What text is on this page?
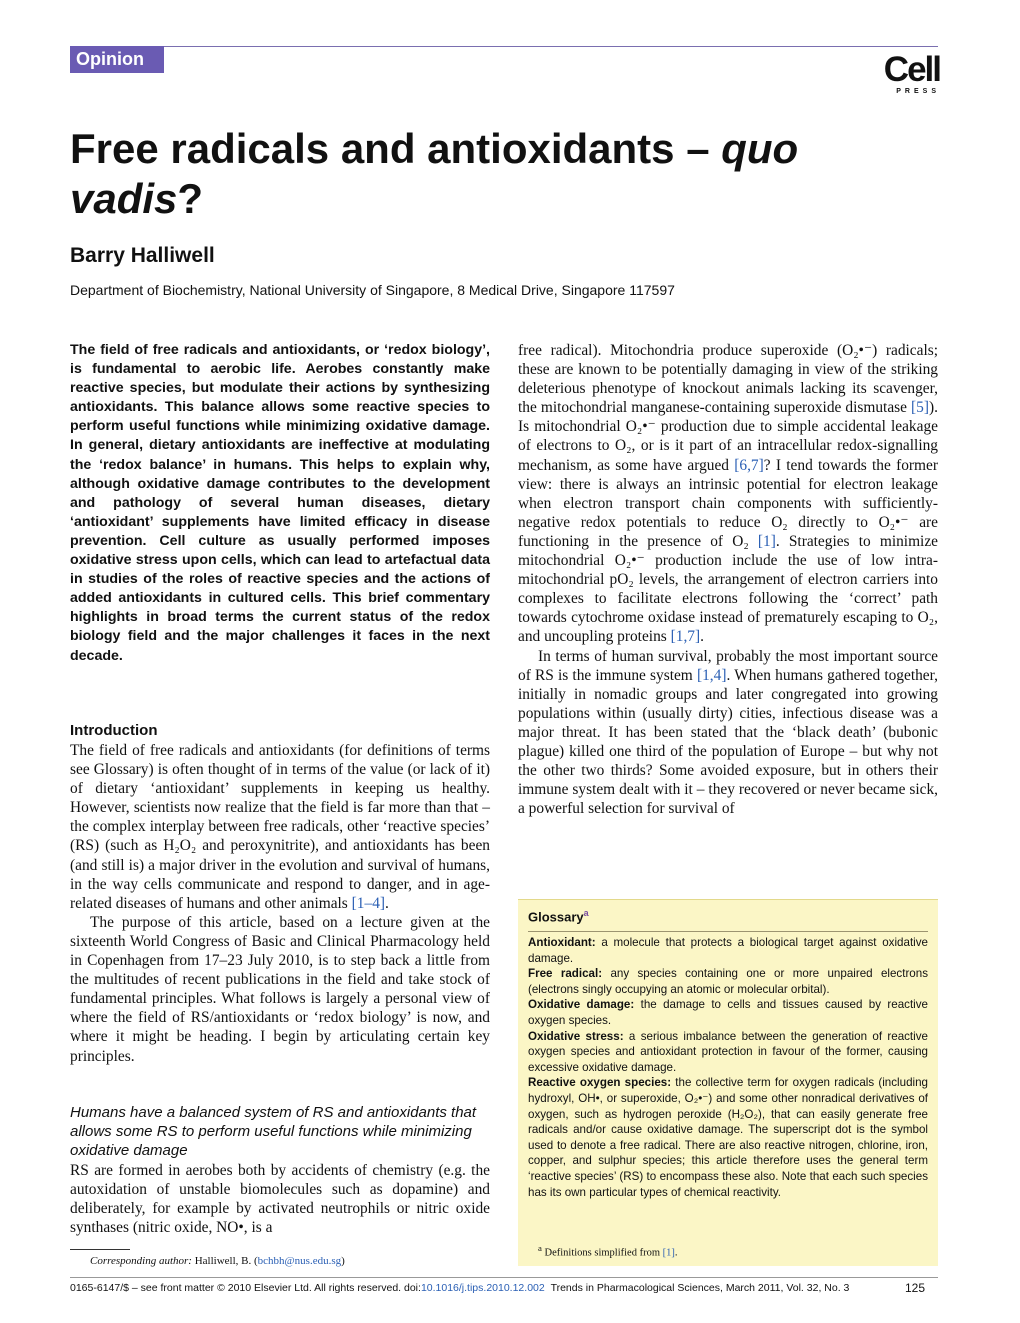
Opinion	Cell
PRESS
Free radicals and antioxidants – quo vadis?
Barry Halliwell
Department of Biochemistry, National University of Singapore, 8 Medical Drive, Singapore 117597
The field of free radicals and antioxidants, or ‘redox biology’, is fundamental to aerobic life. Aerobes constantly make reactive species, but modulate their actions by synthesizing antioxidants. This balance allows some reactive species to perform useful functions while minimizing oxidative damage. In general, dietary antioxidants are ineffective at modulating the ‘redox balance’ in humans. This helps to explain why, although oxidative damage contributes to the development and pathology of several human diseases, dietary ‘antioxidant’ supplements have limited efficacy in disease prevention. Cell culture as usually performed imposes oxidative stress upon cells, which can lead to artefactual data in studies of the roles of reactive species and the actions of added antioxidants in cultured cells. This brief commentary highlights in broad terms the current status of the redox biology field and the major challenges it faces in the next decade.
Introduction

The field of free radicals and antioxidants (for definitions of terms see Glossary) is often thought of in terms of the value (or lack of it) of dietary ‘antioxidant’ supplements in keeping us healthy. However, scientists now realize that the field is far more than that – the complex interplay between free radicals, other ‘reactive species’ (RS) (such as H₂O₂ and peroxynitrite), and antioxidants has been (and still is) a major driver in the evolution and survival of humans, in the way cells communicate and respond to danger, and in age-related diseases of humans and other animals [1–4].

The purpose of this article, based on a lecture given at the sixteenth World Congress of Basic and Clinical Pharmacology held in Copenhagen from 17–23 July 2010, is to step back a little from the multitudes of recent publications in the field and take stock of fundamental principles. What follows is largely a personal view of where the field of RS/antioxidants or ‘redox biology’ is now, and where it might be heading. I begin by articulating certain key principles.

Humans have a balanced system of RS and antioxidants that allows some RS to perform useful functions while minimizing oxidative damage

RS are formed in aerobes both by accidents of chemistry (e.g. the autoxidation of unstable biomolecules such as dopamine) and deliberately, for example by activated neutrophils or nitric oxide synthases (nitric oxide, NO•, is a

free radical). Mitochondria produce superoxide (O₂•⁻) radicals; these are known to be potentially damaging in view of the striking deleterious phenotype of knockout animals lacking its scavenger, the mitochondrial manganese-containing superoxide dismutase [5]). Is mitochondrial O₂•⁻ production due to simple accidental leakage of electrons to O₂, or is it part of an intracellular redox-signalling mechanism, as some have argued [6,7]? I tend towards the former view: there is always an intrinsic potential for electron leakage when electron transport chain components with sufficiently-negative redox potentials to reduce O₂ directly to O₂•⁻ are functioning in the presence of O₂ [1]. Strategies to minimize mitochondrial O₂•⁻ production include the use of low intra-mitochondrial pO₂ levels, the arrangement of electron carriers into complexes to facilitate electrons following the ‘correct’ path towards cytochrome oxidase instead of prematurely escaping to O₂, and uncoupling proteins [1,7].

In terms of human survival, probably the most important source of RS is the immune system [1,4]. When humans gathered together, initially in nomadic groups and later congregated into growing populations within (usually dirty) cities, infectious disease was a major threat. It has been stated that the ‘black death’ (bubonic plague) killed one third of the population of Europe – but why not the other two thirds? Some avoided exposure, but in others their immune system dealt with it – they recovered or never became sick, a powerful selection for survival of

Glossary$^a$

Antioxidant: a molecule that protects a biological target against oxidative damage.

Free radical: any species containing one or more unpaired electrons (electrons singly occupying an atomic or molecular orbital).

Oxidative damage: the damage to cells and tissues caused by reactive oxygen species.

Oxidative stress: a serious imbalance between the generation of reactive oxygen species and antioxidant protection in favour of the former, causing excessive oxidative damage.

Reactive oxygen species: the collective term for oxygen radicals (including hydroxyl, OH•, or superoxide, O₂•⁻) and some other nonradical derivatives of oxygen, such as hydrogen peroxide (H₂O₂), that can easily generate free radicals and/or cause oxidative damage. The superscript dot is the symbol used to denote a free radical. There are also reactive nitrogen, chlorine, iron, copper, and sulphur species; this article therefore uses the general term ‘reactive species’ (RS) to encompass these also. Note that each such species has its own particular types of chemical reactivity.

$^a$ Definitions simplified from [1].
Corresponding author: Halliwell, B. (bchbh@nus.edu.sg)
0165-6147/$ – see front matter © 2010 Elsevier Ltd. All rights reserved. doi:10.1016/j.tips.2010.12.002 Trends in Pharmacological Sciences, March 2011, Vol. 32, No. 3	125
